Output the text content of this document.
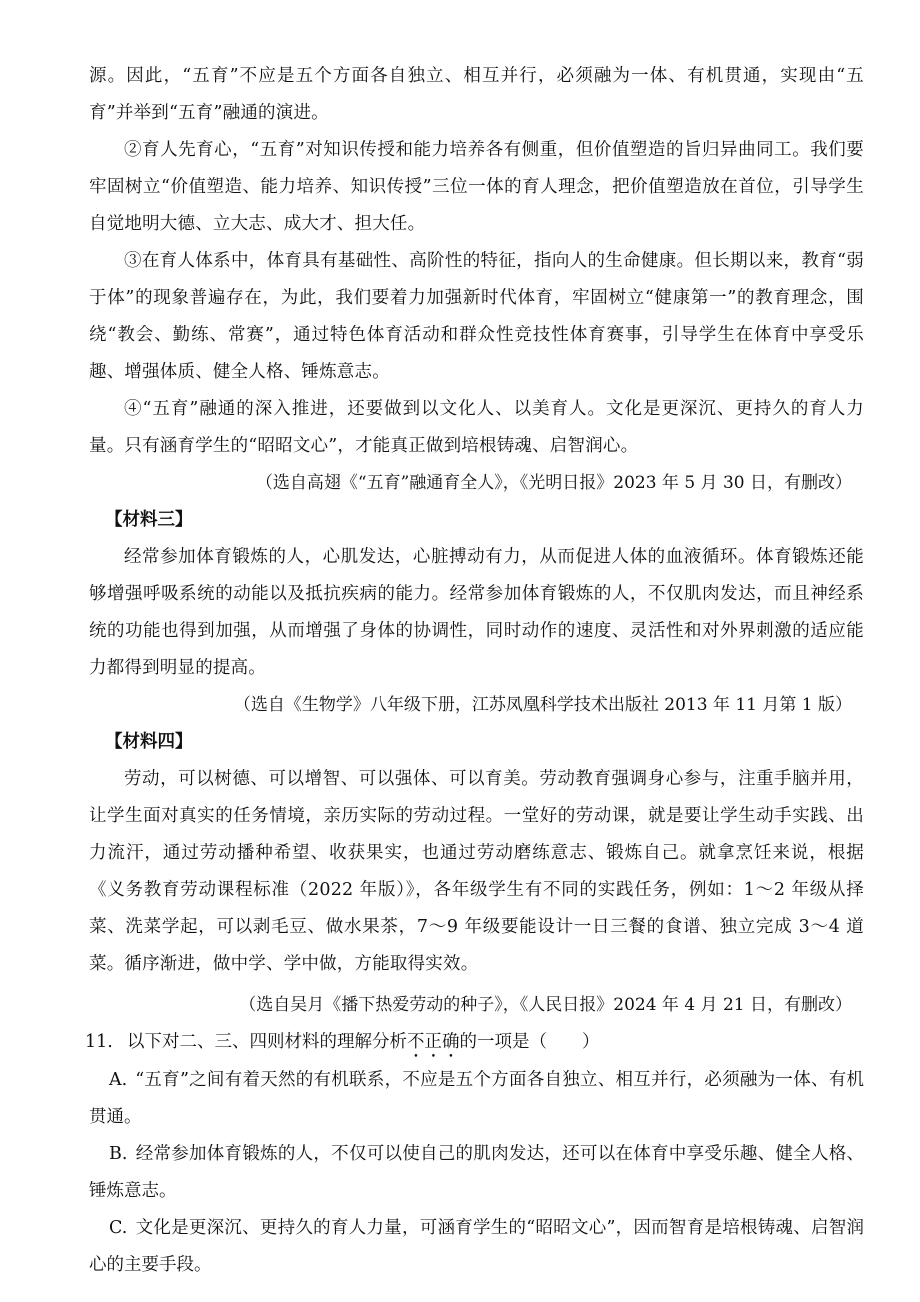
源。因此，“五育”不应是五个方面各自独立、相互并行，必须融为一体、有机贯通，实现由“五育”并举到“五育”融通的演进。

②育人先育心，“五育”对知识传授和能力培养各有侧重，但价值塑造的旨归异曲同工。我们要牢固树立“价值塑造、能力培养、知识传授”三位一体的育人理念，把价值塑造放在首位，引导学生自觉地明大德、立大志、成大才、担大任。

③在育人体系中，体育具有基础性、高阶性的特征，指向人的生命健康。但长期以来，教育“弱于体”的现象普遍存在，为此，我们要着力加强新时代体育，牢固树立“健康第一”的教育理念，围绕“教会、勤练、常赛”，通过特色体育活动和群众性竞技性体育赛事，引导学生在体育中享受乐趣、增强体质、健全人格、锤炼意志。

④“五育”融通的深入推进，还要做到以文化人、以美育人。文化是更深沉、更持久的育人力量。只有涵育学生的“昭昭文心”，才能真正做到培根铸魂、启智润心。

（选自高翅《“五育”融通育全人》，《光明日报》2023 年 5 月 30 日，有删改）

【材料三】

经常参加体育锻炼的人，心肌发达，心脏搏动有力，从而促进人体的血液循环。体育锻炼还能够增强呼吸系统的动能以及抵抗疾病的能力。经常参加体育锻炼的人，不仅肌肉发达，而且神经系统的功能也得到加强，从而增强了身体的协调性，同时动作的速度、灵活性和对外界刺激的适应能力都得到明显的提高。

（选自《生物学》八年级下册，江苏凤凰科学技术出版社 2013 年 11 月第 1 版）

【材料四】

劳动，可以树德、可以增智、可以强体、可以育美。劳动教育强调身心参与，注重手脑并用，让学生面对真实的任务情境，亲历实际的劳动过程。一堂好的劳动课，就是要让学生动手实践、出力流汗，通过劳动播种希望、收获果实，也通过劳动磨练意志、锻炼自己。就拿烹饪来说，根据《义务教育劳动课程标准（2022 年版）》，各年级学生有不同的实践任务，例如：1～2 年级从择菜、洗菜学起，可以剥毛豆、做水果茶，7～9 年级要能设计一日三餐的食谱、独立完成 3～4 道菜。循序渐进，做中学、学中做，方能取得实效。

（选自吴月《播下热爱劳动的种子》，《人民日报》2024 年 4 月 21 日，有删改）

11. 以下对二、三、四则材料的理解分析不正确的一项是（　　）

A. “五育”之间有着天然的有机联系，不应是五个方面各自独立、相互并行，必须融为一体、有机贯通。

B. 经常参加体育锻炼的人，不仅可以使自己的肌肉发达，还可以在体育中享受乐趣、健全人格、锤炼意志。

C. 文化是更深沉、更持久的育人力量，可涵育学生的“昭昭文心”，因而智育是培根铸魂、启智润心的主要手段。
